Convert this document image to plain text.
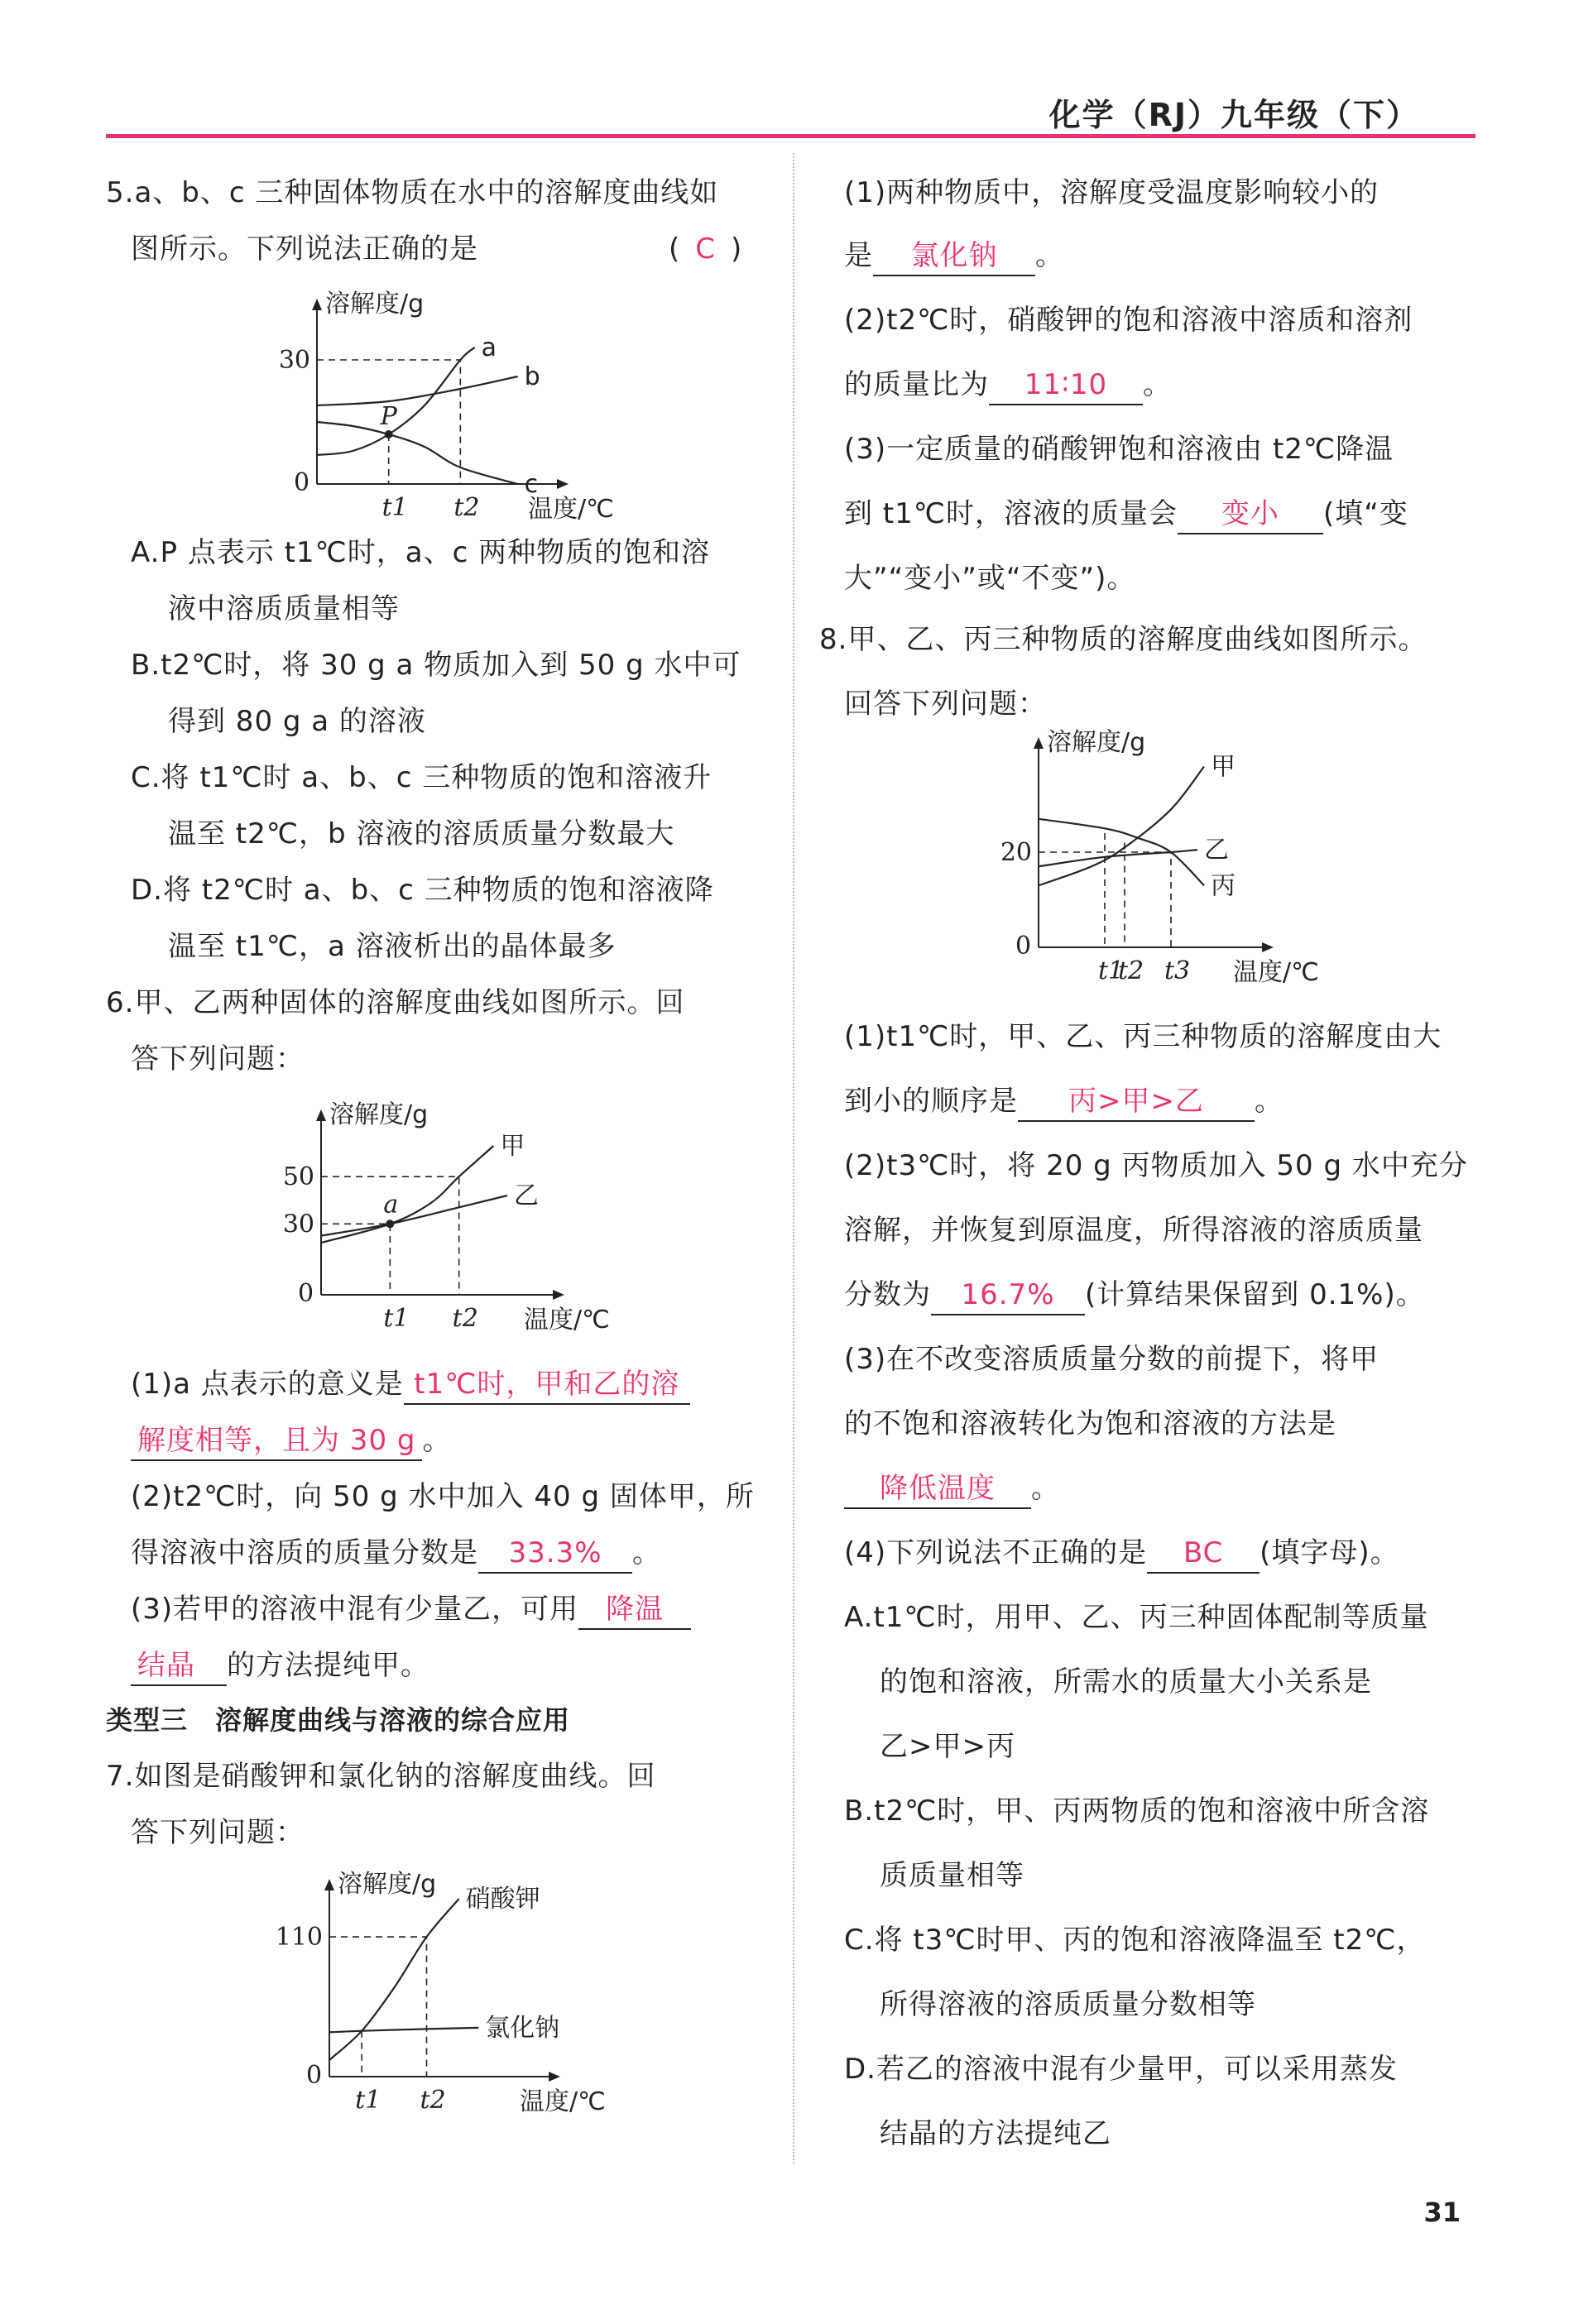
化学（RJ）九年级（下）
5.a、b、c 三种固体物质在水中的溶解度曲线如
图所示。下列说法正确的是	( C )
溶解度/g
温度/℃
0
30
t1 t2
a
b
c
P
A.P 点表示 t1℃时，a、c 两种物质的饱和溶
液中溶质质量相等
B.t2℃时，将 30 g a 物质加入到 50 g 水中可
得到 80 g a 的溶液
C.将 t1℃时 a、b、c 三种物质的饱和溶液升
温至 t2℃，b 溶液的溶质质量分数最大
D.将 t2℃时 a、b、c 三种物质的饱和溶液降
温至 t1℃，a 溶液析出的晶体最多
6.甲、乙两种固体的溶解度曲线如图所示。回
答下列问题：
溶解度/g
温度/℃
0
30
50
t1 t2
甲
乙
a
(1)a 点表示的意义是 t1℃时，甲和乙的溶
解度相等，且为 30 g 。
(2)t2℃时，向 50 g 水中加入 40 g 固体甲，所
得溶液中溶质的质量分数是 33.3% 。
(3)若甲的溶液中混有少量乙，可用 降温
结晶 的方法提纯甲。
类型三　溶解度曲线与溶液的综合应用
7.如图是硝酸钾和氯化钠的溶解度曲线。回
答下列问题：
溶解度/g
温度/℃
0
110
t1 t2
硝酸钾
氯化钠
(1)两种物质中，溶解度受温度影响较小的
是 氯化钠 。
(2)t2℃时，硝酸钾的饱和溶液中溶质和溶剂
的质量比为 11∶10 。
(3)一定质量的硝酸钾饱和溶液由 t2℃降温
到 t1℃时，溶液的质量会 变小 (填“变
大”“变小”或“不变”)。
8.甲、乙、丙三种物质的溶解度曲线如图所示。
回答下列问题：
溶解度/g
温度/℃
0
20
t1
t2 t3
甲
乙
丙
(1)t1℃时，甲、乙、丙三种物质的溶解度由大
到小的顺序是 丙>甲>乙 。
(2)t3℃时，将 20 g 丙物质加入 50 g 水中充分
溶解，并恢复到原温度，所得溶液的溶质质量
分数为 16.7% (计算结果保留到 0.1%)。
(3)在不改变溶质质量分数的前提下，将甲
的不饱和溶液转化为饱和溶液的方法是
降低温度 。
(4)下列说法不正确的是 BC (填字母)。
A.t1℃时，用甲、乙、丙三种固体配制等质量
的饱和溶液，所需水的质量大小关系是
乙>甲>丙
B.t2℃时，甲、丙两物质的饱和溶液中所含溶
质质量相等
C.将 t3℃时甲、丙的饱和溶液降温至 t2℃，
所得溶液的溶质质量分数相等
D.若乙的溶液中混有少量甲，可以采用蒸发
结晶的方法提纯乙
31
